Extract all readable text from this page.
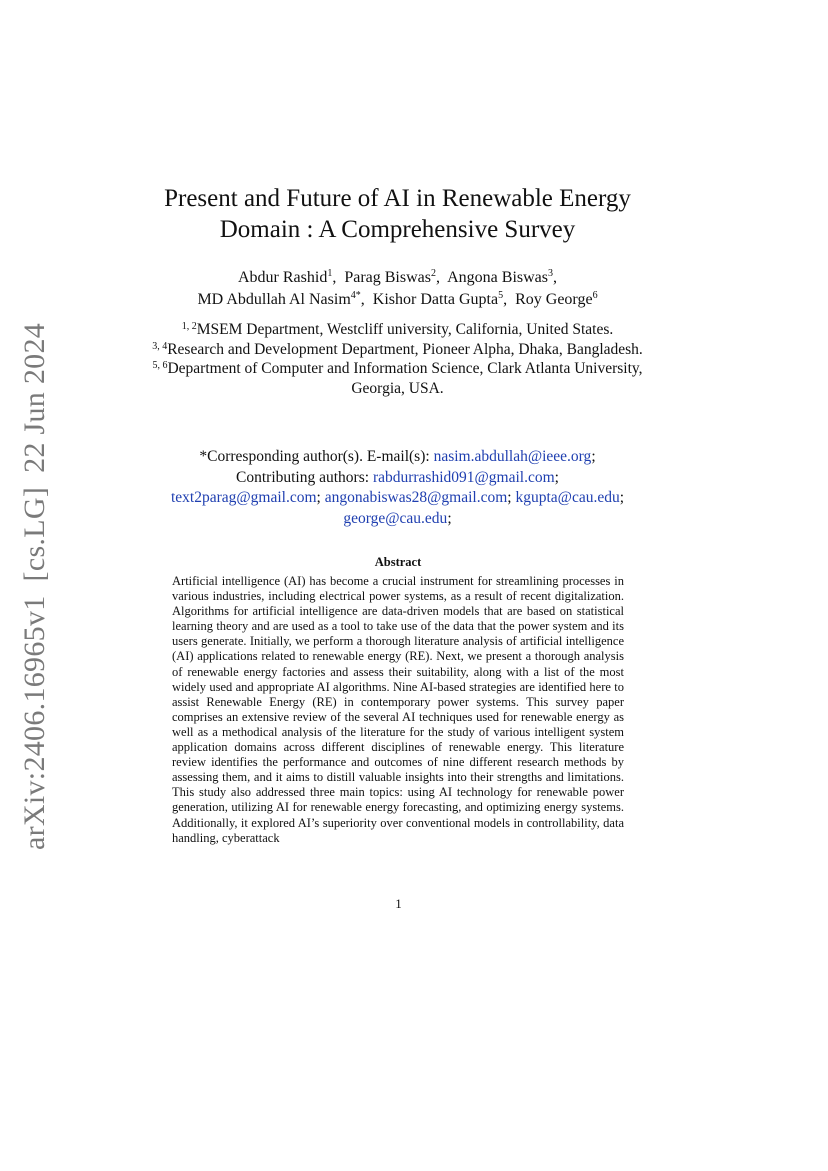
arXiv:2406.16965v1[cs.LG]22 Jun 2024
Present and Future of AI in Renewable Energy Domain : A Comprehensive Survey
Abdur Rashid$^1$, Parag Biswas$^2$, Angona Biswas$^3$,
MD Abdullah Al Nasim$^{4*}$, Kishor Datta Gupta$^5$, Roy George$^6$
$^{1, 2}$MSEM Department, Westcliff university, California, United States.
$^{3, 4}$Research and Development Department, Pioneer Alpha, Dhaka, Bangladesh.
$^{5, 6}$Department of Computer and Information Science, Clark Atlanta University, Georgia, USA.
*Corresponding author(s). E-mail(s): nasim.abdullah@ieee.org;
Contributing authors: rabdurrashid091@gmail.com;
text2parag@gmail.com; angonabiswas28@gmail.com; kgupta@cau.edu;
george@cau.edu;
Abstract

Artificial intelligence (AI) has become a crucial instrument for streamlining processes in various industries, including electrical power systems, as a result of recent digitalization. Algorithms for artificial intelligence are data-driven models that are based on statistical learning theory and are used as a tool to take use of the data that the power system and its users generate. Initially, we perform a thorough literature analysis of artificial intelligence (AI) applications related to renewable energy (RE). Next, we present a thorough analysis of renewable energy factories and assess their suitability, along with a list of the most widely used and appropriate AI algorithms. Nine AI-based strategies are identified here to assist Renewable Energy (RE) in contemporary power systems. This survey paper comprises an extensive review of the several AI techniques used for renewable energy as well as a methodical analysis of the literature for the study of various intelligent system application domains across different disciplines of renewable energy. This literature review identifies the performance and outcomes of nine different research methods by assessing them, and it aims to distill valuable insights into their strengths and limitations. This study also addressed three main topics: using AI technology for renewable power generation, utilizing AI for renewable energy forecasting, and optimizing energy systems. Additionally, it explored AI’s superiority over conventional models in controllability, data handling, cyberattack

1
